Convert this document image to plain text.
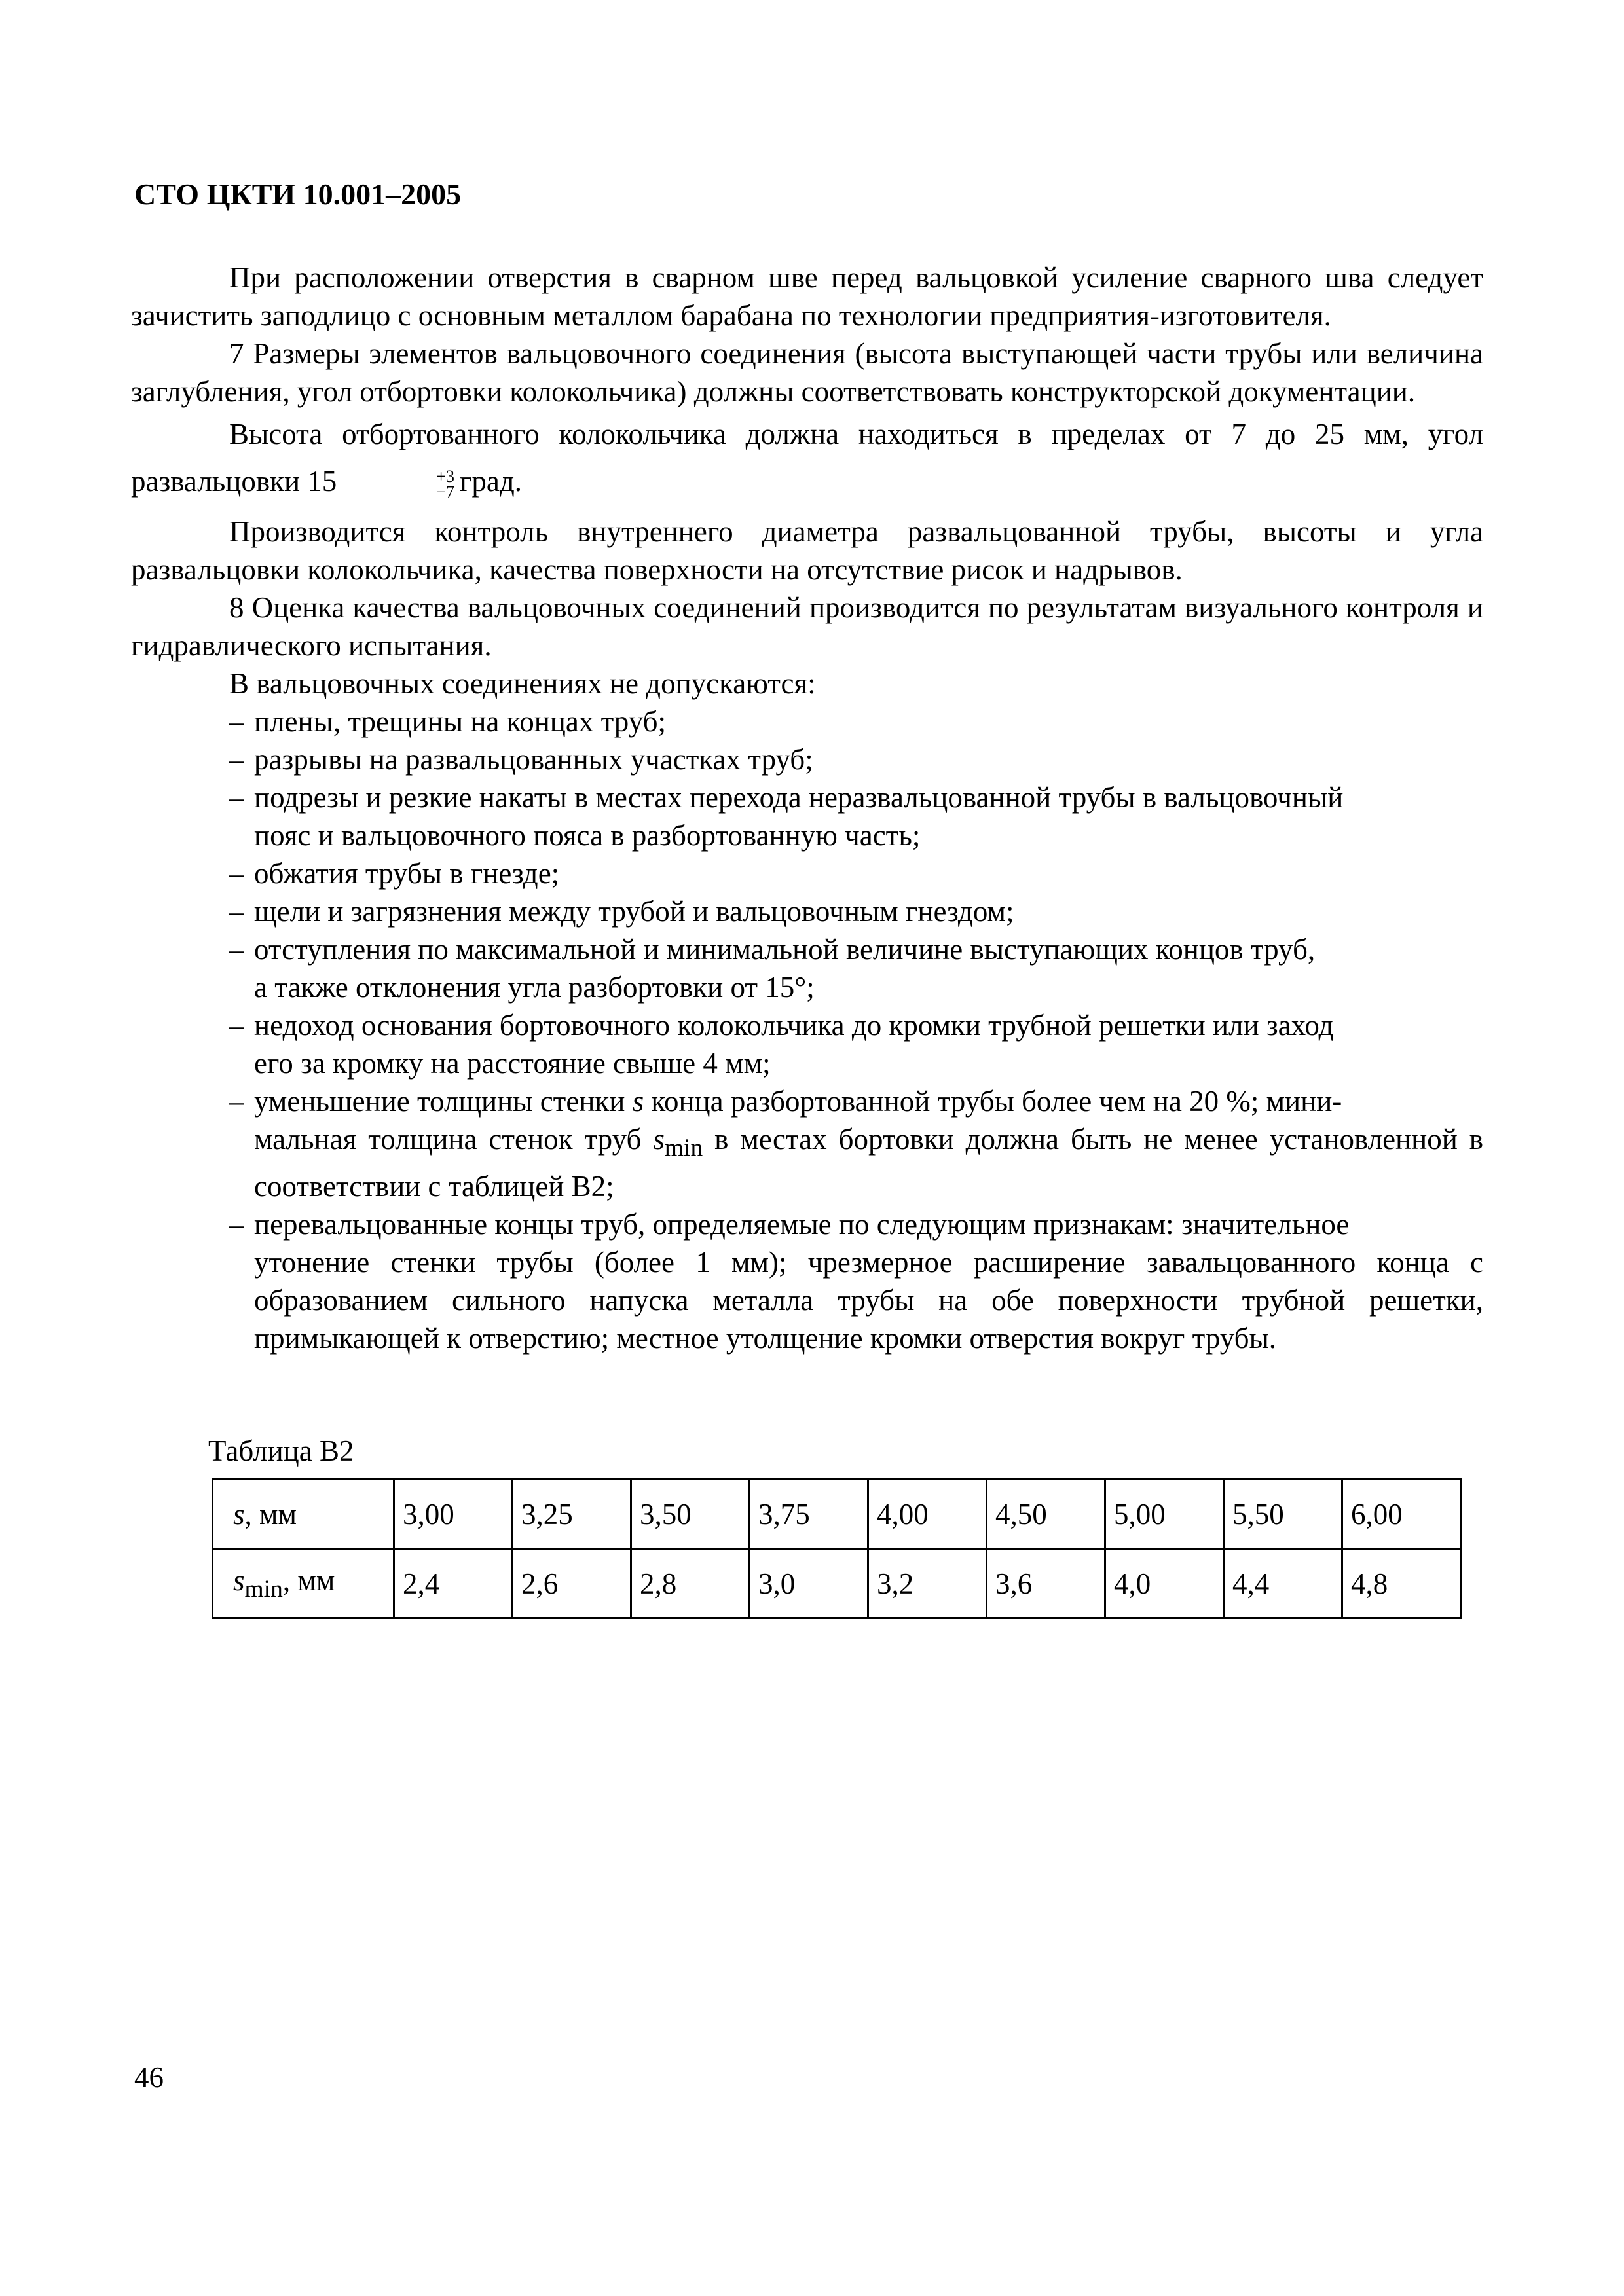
СТО ЦКТИ 10.001–2005

При расположении отверстия в сварном шве перед вальцовкой усиление сварного шва следует зачистить заподлицо с основным металлом барабана по технологии предприятия-изготовителя.

7 Размеры элементов вальцовочного соединения (высота выступающей части трубы или величина заглубления, угол отбортовки колокольчика) должны соответствовать конструкторской документации.

Высота отбортованного колокольчика должна находиться в пределах от 7 до 25 мм, угол развальцовки 15	+3
−7 град.

Производится контроль внутреннего диаметра развальцованной трубы, высоты и угла развальцовки колокольчика, качества поверхности на отсутствие рисок и надрывов.

8 Оценка качества вальцовочных соединений производится по результатам визуального контроля и гидравлического испытания.

В вальцовочных соединениях не допускаются:

– плены, трещины на концах труб;
– разрывы на развальцованных участках труб;
– подрезы и резкие накаты в местах перехода неразвальцованной трубы в вальцовочный
пояс и вальцовочного пояса в разбортованную часть;
– обжатия трубы в гнезде;
– щели и загрязнения между трубой и вальцовочным гнездом;
– отступления по максимальной и минимальной величине выступающих концов труб,
а также отклонения угла разбортовки от 15°;
– недоход основания бортовочного колокольчика до кромки трубной решетки или заход
его за кромку на расстояние свыше 4 мм;
– уменьшение толщины стенки s конца разбортованной трубы более чем на 20 %; мини-
мальная толщина стенок труб $s_{min}$ в местах бортовки должна быть не менее установленной в соответствии с таблицей В2;
– перевальцованные концы труб, определяемые по следующим признакам: значительное
утонение стенки трубы (более 1 мм); чрезмерное расширение завальцованного конца с образованием сильного напуска металла трубы на обе поверхности трубной решетки, примыкающей к отверстию; местное утолщение кромки отверстия вокруг трубы.
Таблица В2
s, мм	3,00	3,25	3,50	3,75	4,00	4,50	5,00	5,50	6,00
$s_{min}$, мм	2,4	2,6	2,8	3,0	3,2	3,6	4,0	4,4	4,8
46
